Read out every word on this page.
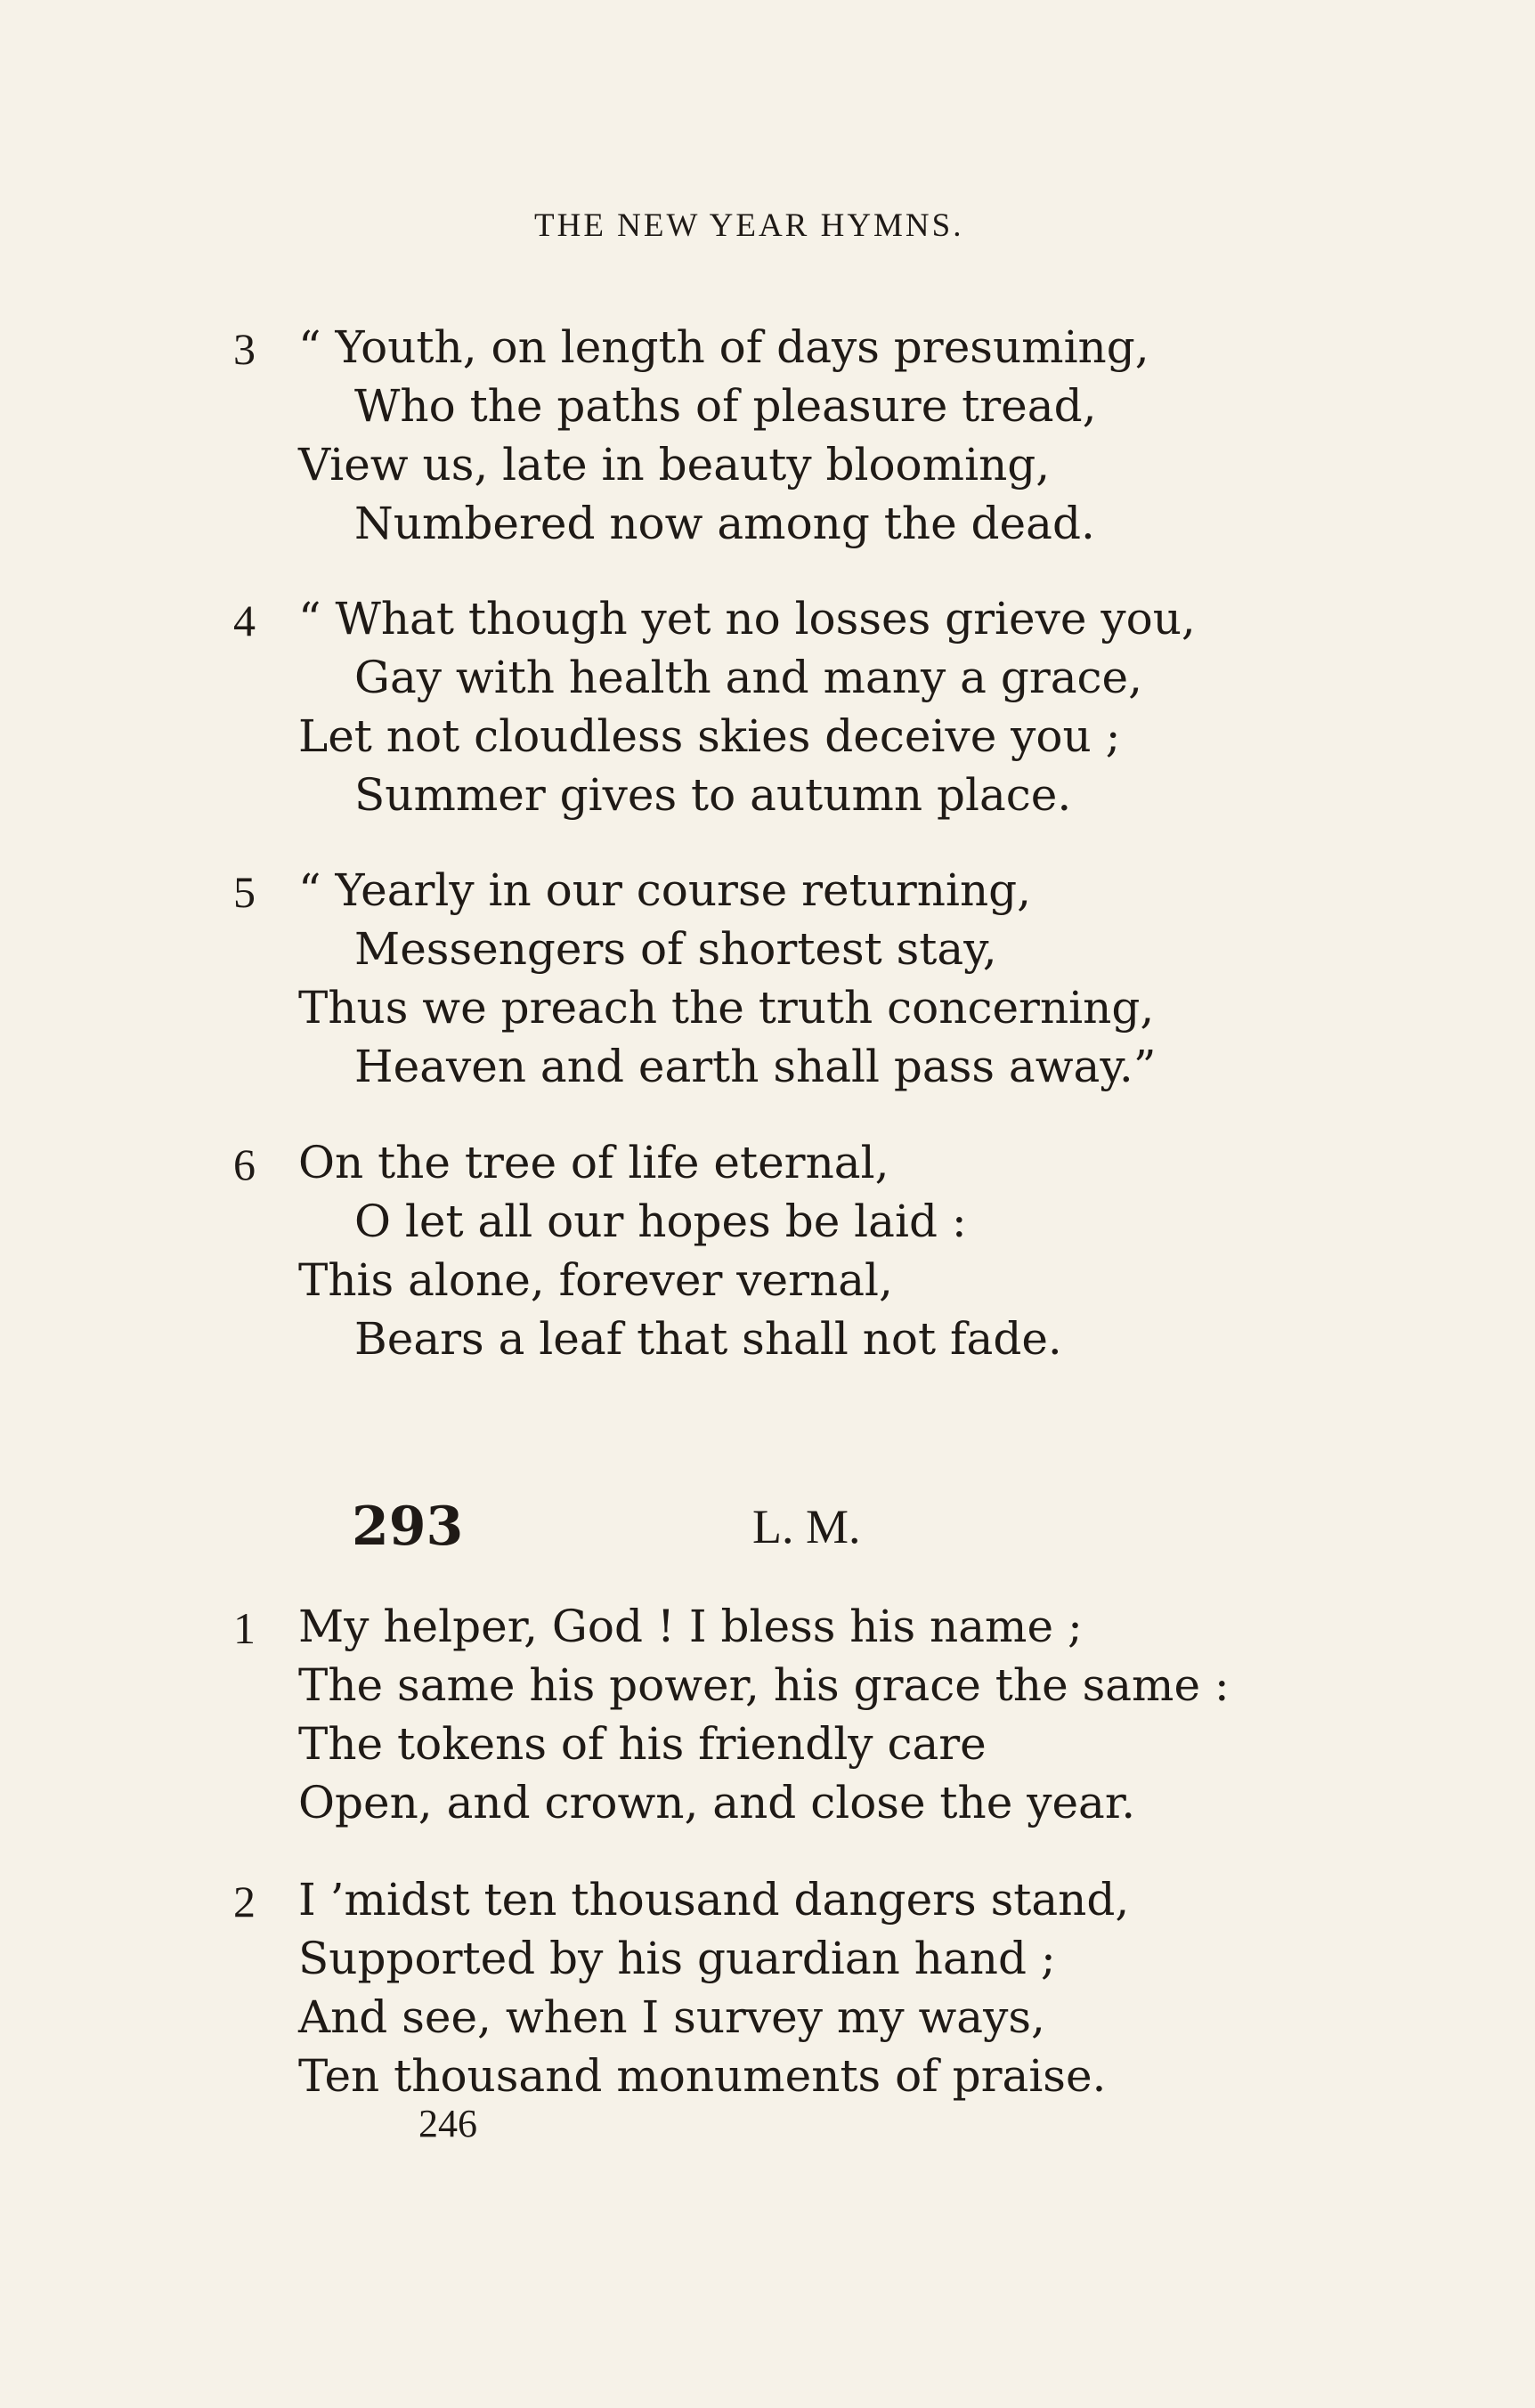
THE NEW YEAR HYMNS.
3 “ Youth, on length of days presuming,
Who the paths of pleasure tread,
View us, late in beauty blooming,
Numbered now among the dead.
4 “ What though yet no losses grieve you,
Gay with health and many a grace,
Let not cloudless skies deceive you ;
Summer gives to autumn place.
5 “ Yearly in our course returning,
Messengers of shortest stay,
Thus we preach the truth concerning,
Heaven and earth shall pass away.”
6 On the tree of life eternal,
O let all our hopes be laid :
This alone, forever vernal,
Bears a leaf that shall not fade.
293	L. M.
1 My helper, God ! I bless his name ;
The same his power, his grace the same :
The tokens of his friendly care
Open, and crown, and close the year.
2 I ’midst ten thousand dangers stand,
Supported by his guardian hand ;
And see, when I survey my ways,
Ten thousand monuments of praise.
246
